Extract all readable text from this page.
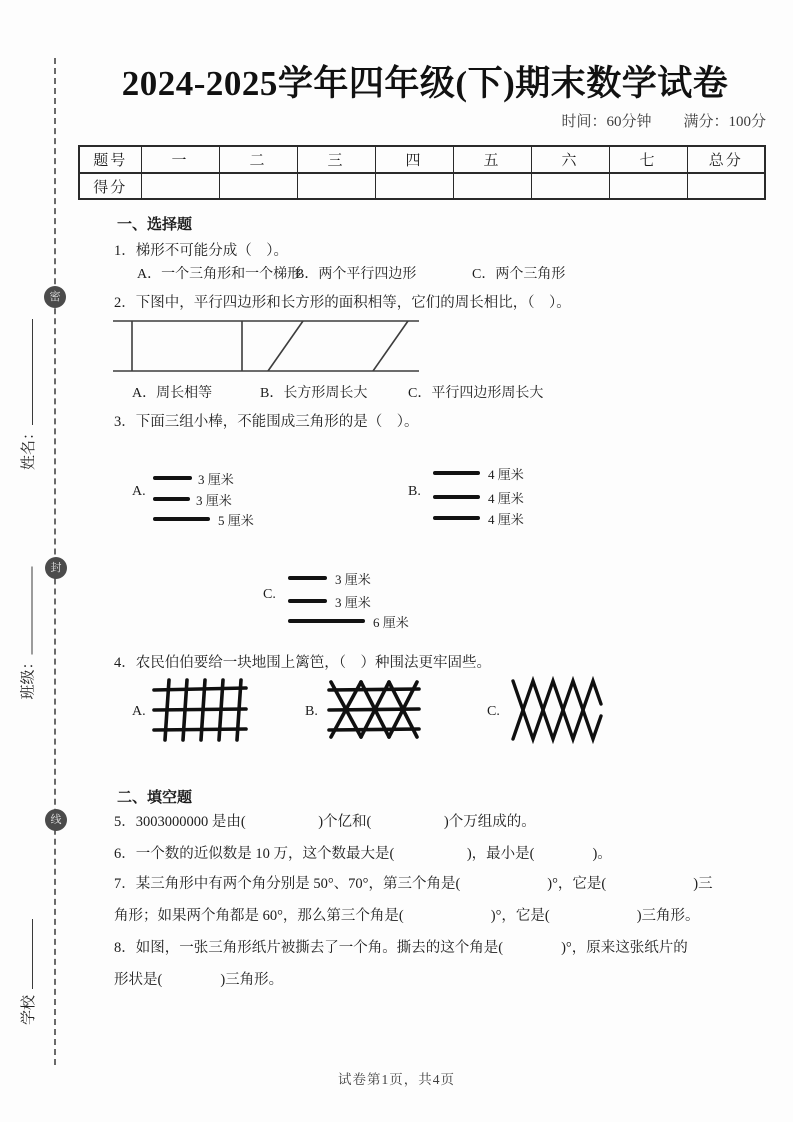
密
封
线
姓名：
班级：
学校
2024-2025学年四年级(下)期末数学试卷
时间：60分钟 满分：100分
题号	一	二	三	四	五	六	七	总分
得分								
一、选择题
1．梯形不可能分成（　）。
A．一个三角形和一个梯形
B．两个平行四边形	C．两个三角形
2．下图中，平行四边形和长方形的面积相等，它们的周长相比，（　）。
A．周长相等	B．长方形周长大	C．平行四边形周长大
3．下面三组小棒，不能围成三角形的是（　）。
A.
3 厘米
3 厘米
5 厘米
B.
4 厘米
4 厘米
4 厘米
C.
3 厘米
3 厘米
6 厘米
4．农民伯伯要给一块地围上篱笆，（　）种围法更牢固些。
A.	B.	C.
二、填空题
5．3003000000 是由(　　　　　)个亿和(　　　　　)个万组成的。
6．一个数的近似数是 10 万，这个数最大是(　　　　　)，最小是(　　　　)。
7．某三角形中有两个角分别是 50°、70°，第三个角是(　　　　　　)°，它是(　　　　　　)三
角形；如果两个角都是 60°，那么第三个角是(　　　　　　)°，它是(　　　　　　)三角形。
8．如图，一张三角形纸片被撕去了一个角。撕去的这个角是(　　　　)°，原来这张纸片的
形状是(　　　　)三角形。
试卷第1页，共4页
